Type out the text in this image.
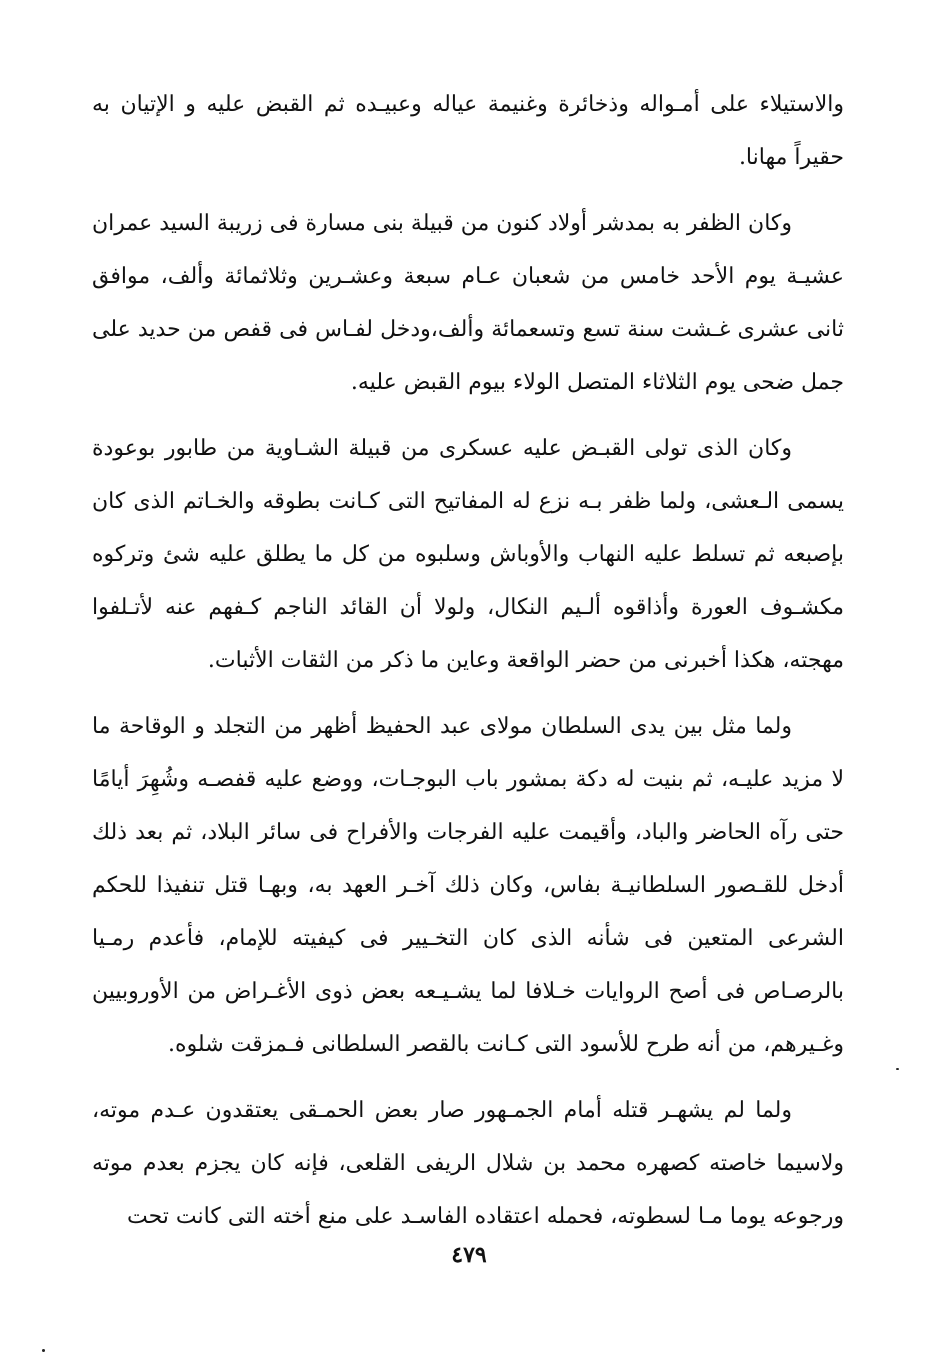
والاستيلاء على أمـواله وذخائرة وغنيمة عياله وعبيـده ثم القبض عليه و الإتيان به حقيراً مهانا.

وكان الظفر به بمدشر أولاد كنون من قبيلة بنى مسارة فى زريبة السيد عمران عشيـة يوم الأحد خامس من شعبان عـام سبعة وعشـرين وثلاثمائة وألف، موافق ثانى عشرى غـشت سنة تسع وتسعمائة وألف،ودخل لفـاس فى قفص من حديد على جمل ضحى يوم الثلاثاء المتصل الولاء بيوم القبض عليه.

وكان الذى تولى القبـض عليه عسكرى من قبيلة الشـاوية من طابور بوعودة يسمى الـعشى، ولما ظفر بـه نزع له المفاتيح التى كـانت بطوقه والخـاتم الذى كان بإصبعه ثم تسلط عليه النهاب والأوباش وسلبوه من كل ما يطلق عليه شئ وتركوه مكشـوف العورة وأذاقوه ألـيم النكال، ولولا أن القائد الناجم كـفهم عنه لأتـلفوا مهجته، هكذا أخبرنى من حضر الواقعة وعاين ما ذكر من الثقات الأثبات.

ولما مثل بين يدى السلطان مولاى عبد الحفيظ أظهر من التجلد و الوقاحة ما لا مزيد عليـه، ثم بنيت له دكة بمشور باب البوجـات، ووضع عليه قفصـه وشُهِرَ أيامًا حتى رآه الحاضر والباد، وأقيمت عليه الفرجات والأفراح فى سائر البلاد، ثم بعد ذلك أدخل للقـصور السلطانيـة بفاس، وكان ذلك آخـر العهد به، وبهـا قتل تنفيذا للحكم الشرعى المتعين فى شأنه الذى كان التخـيير فى كيفيته للإمام، فأعدم رمـيا بالرصـاص فى أصح الروايات خـلافا لما يشـيـعه بعض ذوى الأغـراض من الأوروبيين وغـيرهم، من أنه طرح للأسود التى كـانت بالقصر السلطانى فـمزقت شلوه.

ولما لم يشهـر قتله أمام الجمـهور صار بعض الحمـقى يعتقدون عـدم موته، ولاسيما خاصته كصهره محمد بن شلال الريفى القلعى، فإنه كان يجزم بعدم موته ورجوعه يوما مـا لسطوته، فحمله اعتقاده الفاسـد على منع أخته التى كانت تحت

٤٧٩
